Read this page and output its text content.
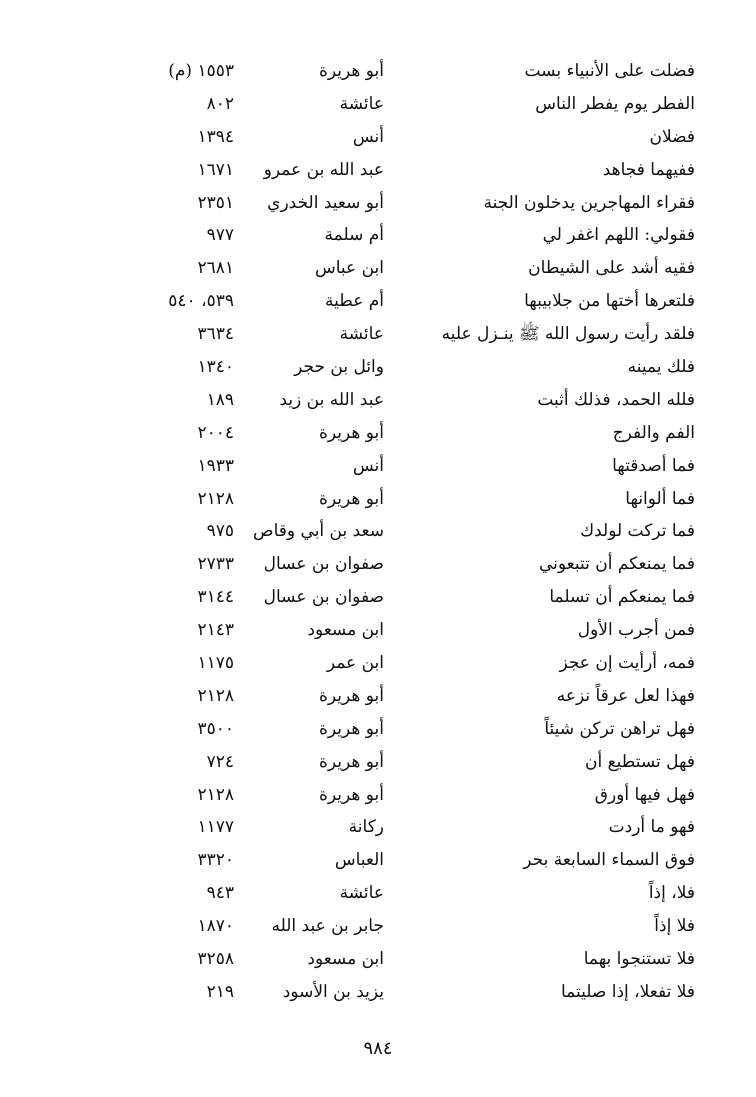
فضلت على الأنبياء بست
أبو هريرة
١٥٥٣ (م)
الفطر يوم يفطر الناس
عائشة
٨٠٢
فضلان
أنس
١٣٩٤
ففيهما فجاهد
عبد الله بن عمرو
١٦٧١
فقراء المهاجرين يدخلون الجنة
أبو سعيد الخدري
٢٣٥١
فقولي: اللهم اغفر لي
أم سلمة
٩٧٧
فقيه أشد على الشيطان
ابن عباس
٢٦٨١
فلتعرها أختها من جلابيبها
أم عطية
٥٣٩، ٥٤٠
فلقد رأيت رسول الله ﷺ ينـزل عليه
عائشة
٣٦٣٤
فلك يمينه
وائل بن حجر
١٣٤٠
فلله الحمد، فذلك أثبت
عبد الله بن زيد
١٨٩
الفم والفرج
أبو هريرة
٢٠٠٤
فما أصدقتها
أنس
١٩٣٣
فما ألوانها
أبو هريرة
٢١٢٨
فما تركت لولدك
سعد بن أبي وقاص
٩٧٥
فما يمنعكم أن تتبعوني
صفوان بن عسال
٢٧٣٣
فما يمنعكم أن تسلما
صفوان بن عسال
٣١٤٤
فمن أجرب الأول
ابن مسعود
٢١٤٣
فمه، أرأيت إن عجز
ابن عمر
١١٧٥
فهذا لعل عرقاً نزعه
أبو هريرة
٢١٢٨
فهل تراهن تركن شيئاً
أبو هريرة
٣٥٠٠
فهل تستطيع أن
أبو هريرة
٧٢٤
فهل فيها أورق
أبو هريرة
٢١٢٨
فهو ما أردت
ركانة
١١٧٧
فوق السماء السابعة بحر
العباس
٣٣٢٠
فلا، إذاً
عائشة
٩٤٣
فلا إذاً
جابر بن عبد الله
١٨٧٠
فلا تستنجوا بهما
ابن مسعود
٣٢٥٨
فلا تفعلا، إذا صليتما
يزيد بن الأسود
٢١٩
٩٨٤
